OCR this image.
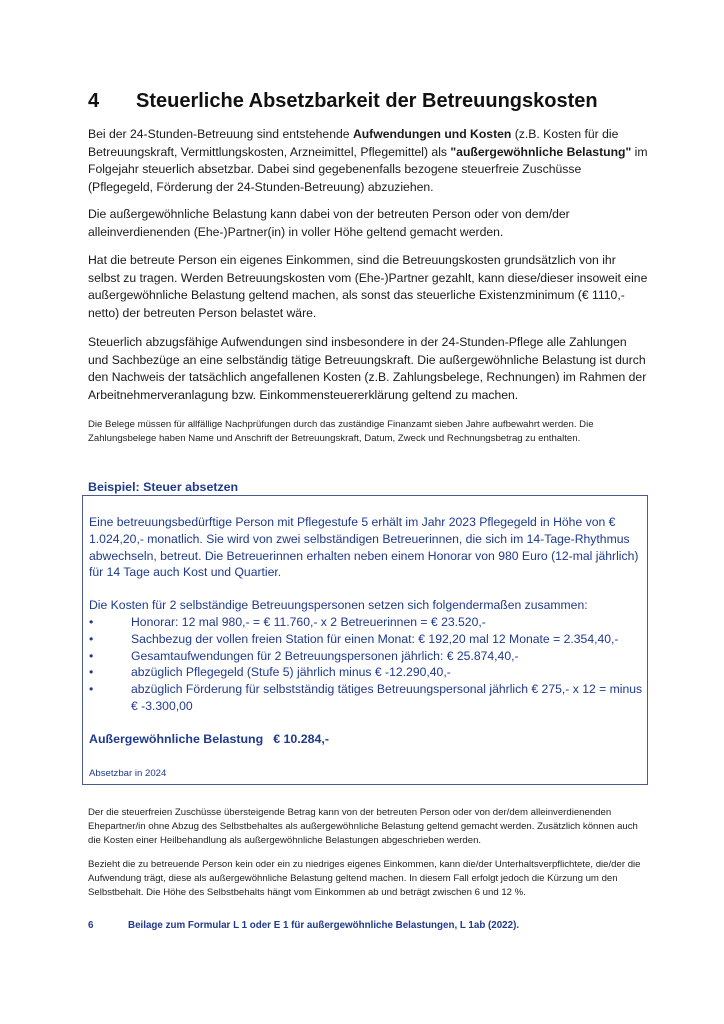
4 Steuerliche Absetzbarkeit der Betreuungskosten

Bei der 24-Stunden-Betreuung sind entstehende Aufwendungen und Kosten (z.B. Kosten für die Betreuungskraft, Vermittlungskosten, Arzneimittel, Pflegemittel) als "außergewöhnliche Belastung" im Folgejahr steuerlich absetzbar. Dabei sind gegebenenfalls bezogene steuerfreie Zuschüsse (Pflegegeld, Förderung der 24-Stunden-Betreuung) abzuziehen.

Die außergewöhnliche Belastung kann dabei von der betreuten Person oder von dem/der alleinverdienenden (Ehe-)Partner(in) in voller Höhe geltend gemacht werden.

Hat die betreute Person ein eigenes Einkommen, sind die Betreuungskosten grundsätzlich von ihr selbst zu tragen. Werden Betreuungskosten vom (Ehe-)Partner gezahlt, kann diese/dieser insoweit eine außergewöhnliche Belastung geltend machen, als sonst das steuerliche Existenzminimum (€ 1110,- netto) der betreuten Person belastet wäre.

Steuerlich abzugsfähige Aufwendungen sind insbesondere in der 24-Stunden-Pflege alle Zahlungen und Sachbezüge an eine selbständig tätige Betreuungskraft. Die außergewöhnliche Belastung ist durch den Nachweis der tatsächlich angefallenen Kosten (z.B. Zahlungsbelege, Rechnungen) im Rahmen der Arbeitnehmerveranlagung bzw. Einkommensteuererklärung geltend zu machen.

Die Belege müssen für allfällige Nachprüfungen durch das zuständige Finanzamt sieben Jahre aufbewahrt werden. Die Zahlungsbelege haben Name und Anschrift der Betreuungskraft, Datum, Zweck und Rechnungsbetrag zu enthalten.

Beispiel: Steuer absetzen

Eine betreuungsbedürftige Person mit Pflegestufe 5 erhält im Jahr 2023 Pflegegeld in Höhe von € 1.024,20,- monatlich. Sie wird von zwei selbständigen Betreuerinnen, die sich im 14-Tage-Rhythmus abwechseln, betreut. Die Betreuerinnen erhalten neben einem Honorar von 980 Euro (12-mal jährlich) für 14 Tage auch Kost und Quartier.

Die Kosten für 2 selbständige Betreuungspersonen setzen sich folgendermaßen zusammen:

•	Honorar: 12 mal 980,- = € 11.760,- x 2 Betreuerinnen = € 23.520,-
•	Sachbezug der vollen freien Station für einen Monat: € 192,20 mal 12 Monate = 2.354,40,-
•	Gesamtaufwendungen für 2 Betreuungspersonen jährlich: € 25.874,40,-
•	abzüglich Pflegegeld (Stufe 5) jährlich minus € -12.290,40,-
•	abzüglich Förderung für selbstständig tätiges Betreuungspersonal jährlich € 275,- x 12 = minus € -3.300,00
Außergewöhnliche Belastung € 10.284,-
Absetzbar in 2024

Der die steuerfreien Zuschüsse übersteigende Betrag kann von der betreuten Person oder von der/dem alleinverdienenden Ehepartner/in ohne Abzug des Selbstbehaltes als außergewöhnliche Belastung geltend gemacht werden. Zusätzlich können auch die Kosten einer Heilbehandlung als außergewöhnliche Belastungen abgeschrieben werden.

Bezieht die zu betreuende Person kein oder ein zu niedriges eigenes Einkommen, kann die/der Unterhaltsverpflichtete, die/der die Aufwendung trägt, diese als außergewöhnliche Belastung geltend machen. In diesem Fall erfolgt jedoch die Kürzung um den Selbstbehalt. Die Höhe des Selbstbehalts hängt vom Einkommen ab und beträgt zwischen 6 und 12 %.

6	Beilage zum Formular L 1 oder E 1 für außergewöhnliche Belastungen, L 1ab (2022).
